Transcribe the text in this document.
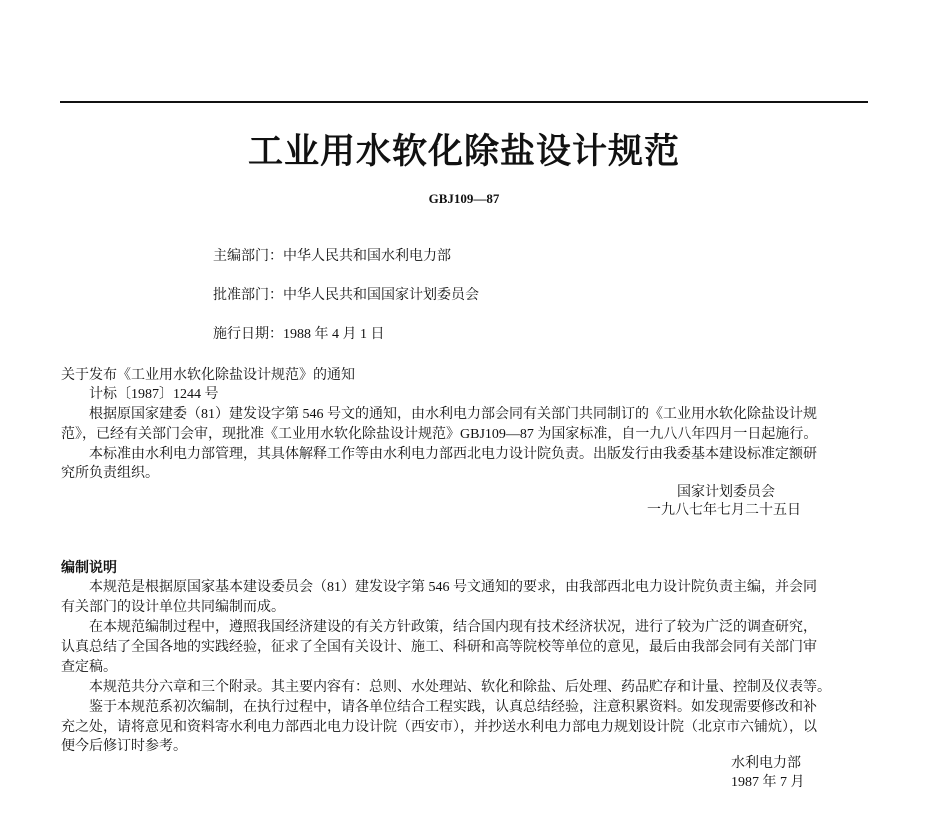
工业用水软化除盐设计规范
GBJ109—87
主编部门：中华人民共和国水利电力部
批准部门：中华人民共和国国家计划委员会
施行日期：1988 年 4 月 1 日
关于发布《工业用水软化除盐设计规范》的通知
计标〔1987〕1244 号
根据原国家建委（81）建发设字第 546 号文的通知，由水利电力部会同有关部门共同制订的《工业用水软化除盐设计规
范》，已经有关部门会审，现批准《工业用水软化除盐设计规范》GBJ109—87 为国家标准，自一九八八年四月一日起施行。
本标准由水利电力部管理，其具体解释工作等由水利电力部西北电力设计院负责。出版发行由我委基本建设标准定额研
究所负责组织。
国家计划委员会
一九八七年七月二十五日
编制说明
本规范是根据原国家基本建设委员会（81）建发设字第 546 号文通知的要求，由我部西北电力设计院负责主编，并会同
有关部门的设计单位共同编制而成。
在本规范编制过程中，遵照我国经济建设的有关方针政策，结合国内现有技术经济状况，进行了较为广泛的调查研究，
认真总结了全国各地的实践经验，征求了全国有关设计、施工、科研和高等院校等单位的意见，最后由我部会同有关部门审
查定稿。
本规范共分六章和三个附录。其主要内容有：总则、水处理站、软化和除盐、后处理、药品贮存和计量、控制及仪表等。
鉴于本规范系初次编制，在执行过程中，请各单位结合工程实践，认真总结经验，注意积累资料。如发现需要修改和补
充之处，请将意见和资料寄水利电力部西北电力设计院（西安市），并抄送水利电力部电力规划设计院（北京市六铺炕），以
便今后修订时参考。
水利电力部
1987 年 7 月
